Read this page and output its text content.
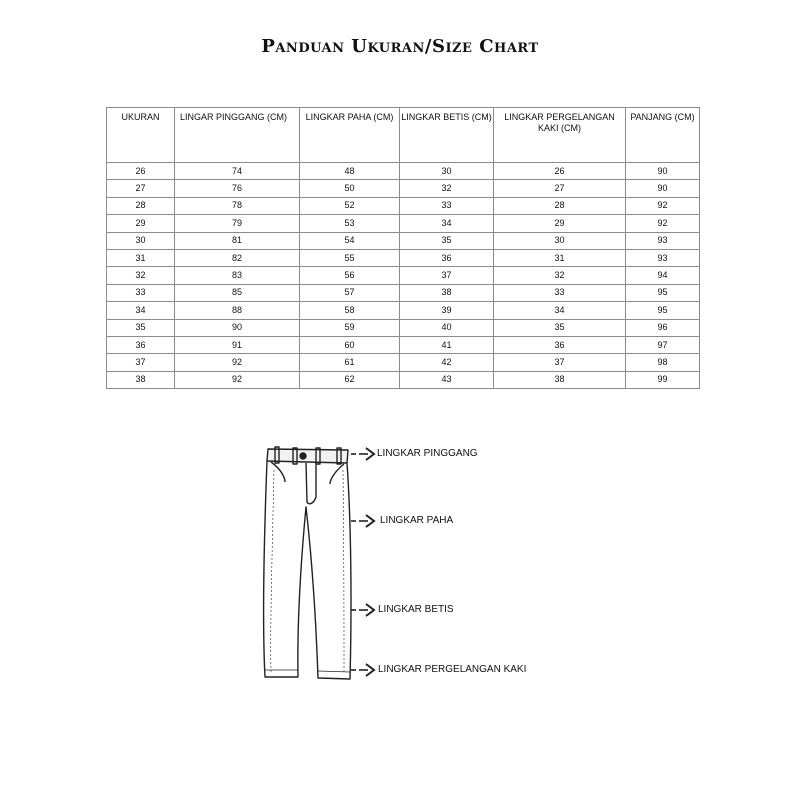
Panduan Ukuran/Size Chart
UKURAN	LINGAR PINGGANG (CM)	LINGKAR PAHA (CM)	LINGKAR BETIS (CM)	LINGKAR PERGELANGAN KAKI (CM)	PANJANG (CM)
26	74	48	30	26	90
27	76	50	32	27	90
28	78	52	33	28	92
29	79	53	34	29	92
30	81	54	35	30	93
31	82	55	36	31	93
32	83	56	37	32	94
33	85	57	38	33	95
34	88	58	39	34	95
35	90	59	40	35	96
36	91	60	41	36	97
37	92	61	42	37	98
38	92	62	43	38	99
LINGKAR PINGGANG
LINGKAR PAHA
LINGKAR BETIS
LINGKAR PERGELANGAN KAKI
